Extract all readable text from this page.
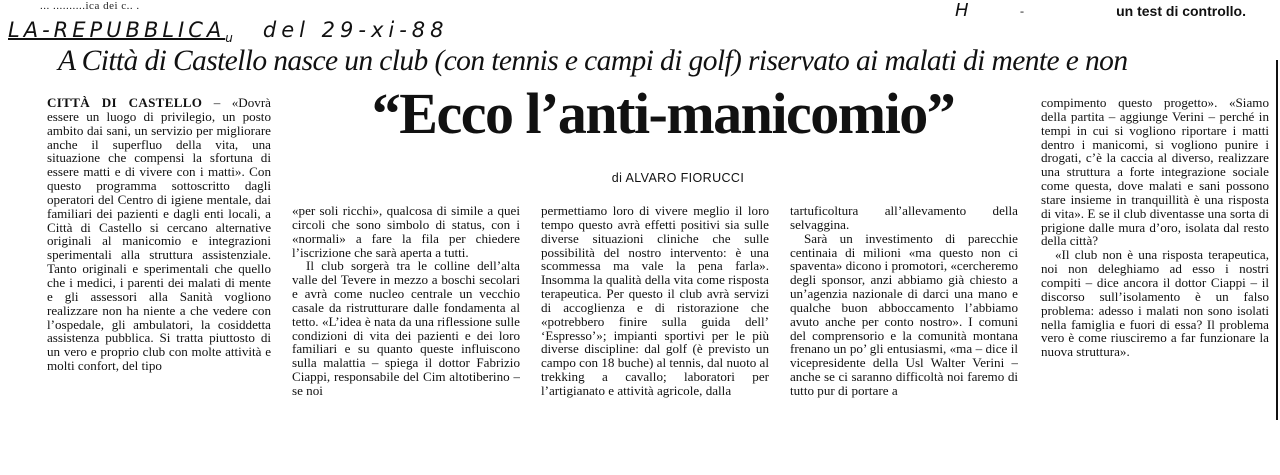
... ..........ica dei c.. .
$LA-REPUBBLICA_u$ del 29-xi-88
H	-	un test di controllo.
A Città di Castello nasce un club (con tennis e campi di golf) riservato ai malati di mente e non
“Ecco l’anti-manicomio”
di ALVARO FIORUCCI

CITTÀ DI CASTELLO – «Dovrà essere un luogo di privilegio, un posto ambito dai sani, un servizio per migliorare anche il superfluo della vita, una situazione che compensi la sfortuna di essere matti e di vivere con i matti». Con questo programma sottoscritto dagli operatori del Centro di igiene mentale, dai familiari dei pazienti e dagli enti locali, a Città di Castello si cercano alternative originali al manicomio e integrazioni sperimentali alla struttura assistenziale. Tanto originali e sperimentali che quello che i medici, i parenti dei malati di mente e gli assessori alla Sanità vogliono realizzare non ha niente a che vedere con l’ospedale, gli ambulatori, la cosiddetta assistenza pubblica. Si tratta piuttosto di un vero e proprio club con molte attività e molti confort, del tipo

«per soli ricchi», qualcosa di simile a quei circoli che sono simbolo di status, con i «normali» a fare la fila per chiedere l’iscrizione che sarà aperta a tutti.

Il club sorgerà tra le colline dell’alta valle del Tevere in mezzo a boschi secolari e avrà come nucleo centrale un vecchio casale da ristrutturare dalle fondamenta al tetto. «L’idea è nata da una riflessione sulle condizioni di vita dei pazienti e dei loro familiari e su quanto queste influiscono sulla malattia – spiega il dottor Fabrizio Ciappi, responsabile del Cim altotiberino – se noi

permettiamo loro di vivere meglio il loro tempo questo avrà effetti positivi sia sulle diverse situazioni cliniche che sulle possibilità del nostro intervento: è una scommessa ma vale la pena farla». Insomma la qualità della vita come risposta terapeutica. Per questo il club avrà servizi di accoglienza e di ristorazione che «potrebbero finire sulla guida dell’ ‘Espresso’»; impianti sportivi per le più diverse discipline: dal golf (è previsto un campo con 18 buche) al tennis, dal nuoto al trekking a cavallo; laboratori per l’artigianato e attività agricole, dalla

tartuficoltura all’allevamento della selvaggina.

Sarà un investimento di parecchie centinaia di milioni «ma questo non ci spaventa» dicono i promotori, «cercheremo degli sponsor, anzi abbiamo già chiesto a un’agenzia nazionale di darci una mano e qualche buon abboccamento l’abbiamo avuto anche per conto nostro». I comuni del comprensorio e la comunità montana frenano un po’ gli entusiasmi, «ma – dice il vicepresidente della Usl Walter Verini – anche se ci saranno difficoltà noi faremo di tutto pur di portare a

compimento questo progetto». «Siamo della partita – aggiunge Verini – perché in tempi in cui si vogliono riportare i matti dentro i manicomi, si vogliono punire i drogati, c’è la caccia al diverso, realizzare una struttura a forte integrazione sociale come questa, dove malati e sani possono stare insieme in tranquillità è una risposta di vita». E se il club diventasse una sorta di prigione dalle mura d’oro, isolata dal resto della città?

«Il club non è una risposta terapeutica, noi non deleghiamo ad esso i nostri compiti – dice ancora il dottor Ciappi – il discorso sull’isolamento è un falso problema: adesso i malati non sono isolati nella famiglia e fuori di essa? Il problema vero è come riusciremo a far funzionare la nuova struttura».
